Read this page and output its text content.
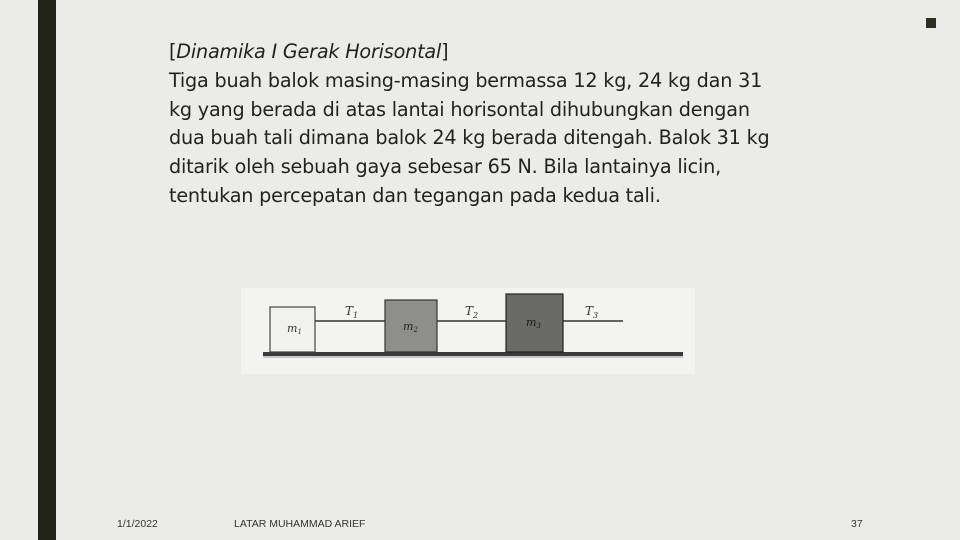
[Dinamika I Gerak Horisontal]
Tiga buah balok masing-masing bermassa 12 kg, 24 kg dan 31
kg yang berada di atas lantai horisontal dihubungkan dengan
dua buah tali dimana balok 24 kg berada ditengah. Balok 31 kg
ditarik oleh sebuah gaya sebesar 65 N. Bila lantainya licin,
tentukan percepatan dan tegangan pada kedua tali.
m1	m2
m3
$T_1$	$T_2$	$T_3$
1/1/2022	LATAR MUHAMMAD ARIEF	37
